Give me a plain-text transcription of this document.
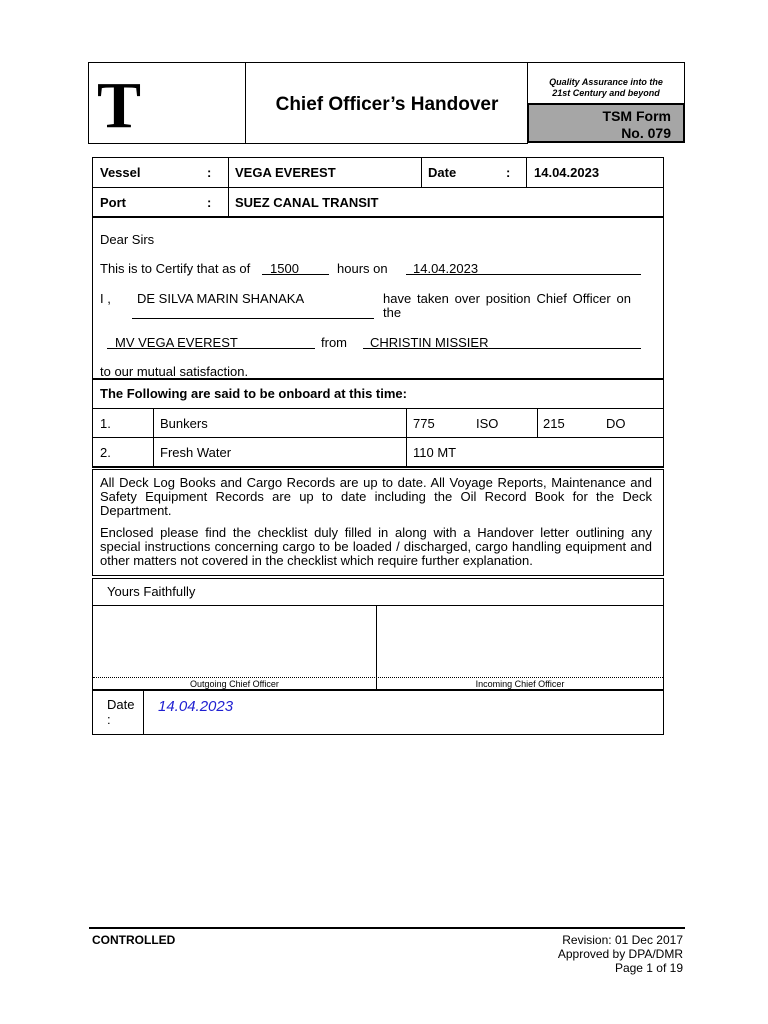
T	Chief Officer’s Handover
Quality Assurance into the
21st Century and beyond
TSM Form
No. 079
Vessel	: VEGA EVEREST	Date	: 14.04.2023
Port	: SUEZ CANAL TRANSIT
Dear Sirs
This is to Certify that as of 1500	hours on 14.04.2023
I , DE SILVA MARIN SHANAKA	have taken over position Chief Officer on
the
MV VEGA EVEREST	from CHRISTIN MISSIER
to our mutual satisfaction.
The Following are said to be onboard at this time:
1.	Bunkers	775	ISO	215	DO
2.	Fresh Water	110 MT
All Deck Log Books and Cargo Records are up to date. All Voyage Reports, Maintenance and Safety Equipment Records are up to date including the Oil Record Book for the Deck Department.
Enclosed please find the checklist duly filled in along with a Handover letter outlining any special instructions concerning cargo to be loaded / discharged, cargo handling equipment and other matters not covered in the checklist which require further explanation.
Yours Faithfully
Outgoing Chief Officer	Incoming Chief Officer
Date
:
14.04.2023
CONTROLLED	Revision: 01 Dec 2017
Approved by DPA/DMR
Page 1 of 19
